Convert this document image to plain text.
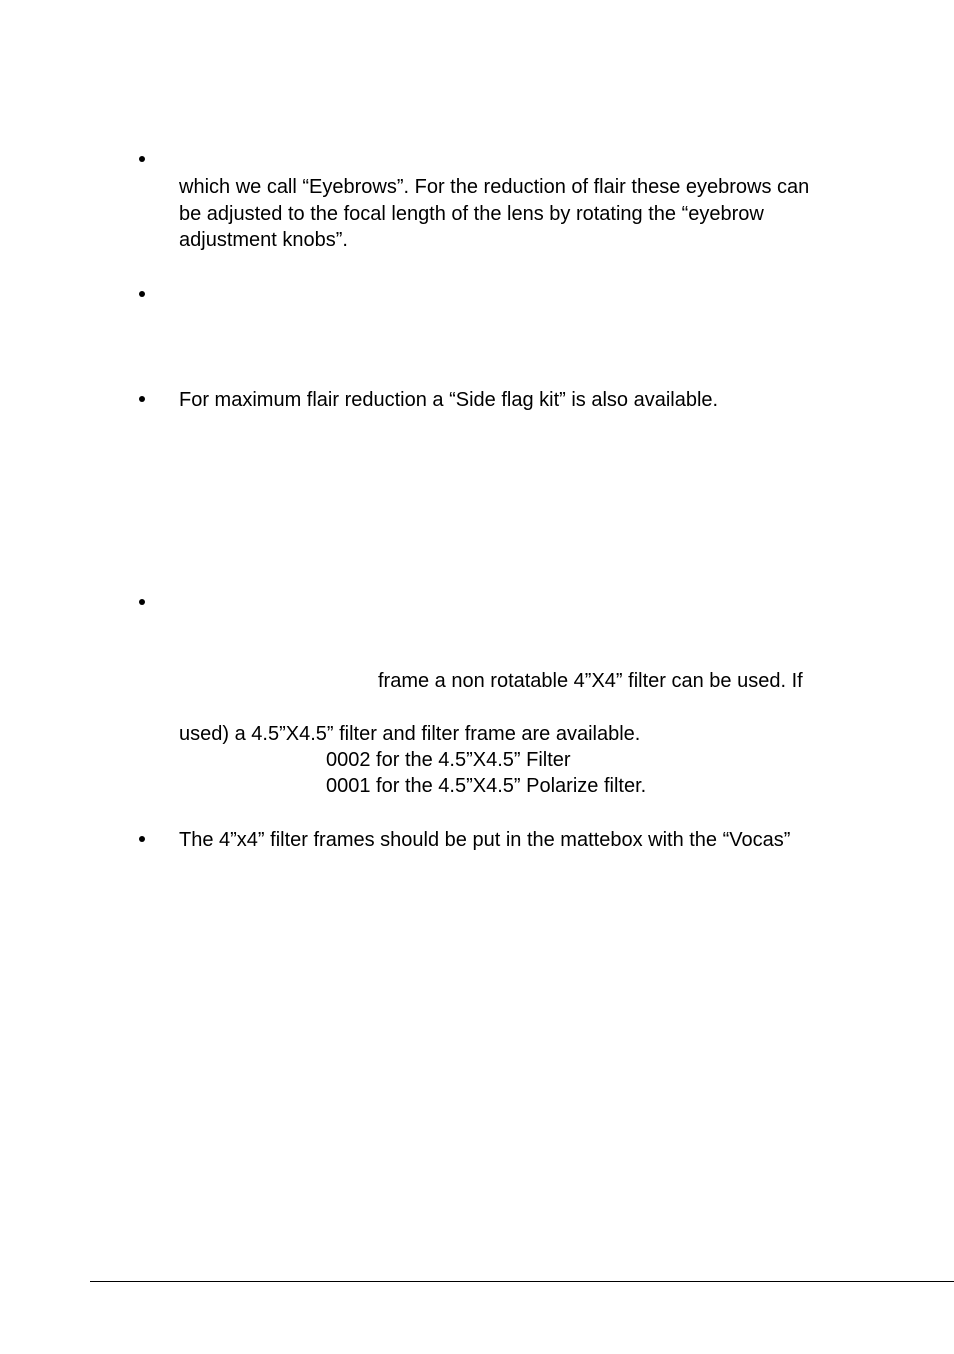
which we call “Eyebrows”. For the reduction of flair these eyebrows can
be adjusted to the focal length of the lens by rotating the “eyebrow
adjustment knobs”.
For maximum flair reduction a “Side flag kit” is also available.
frame a non rotatable 4”X4” filter can be used. If
used) a 4.5”X4.5” filter and filter frame are available.
0002 for the 4.5”X4.5” Filter
0001 for the 4.5”X4.5” Polarize filter.
The 4”x4” filter frames should be put in the mattebox with the “Vocas”
